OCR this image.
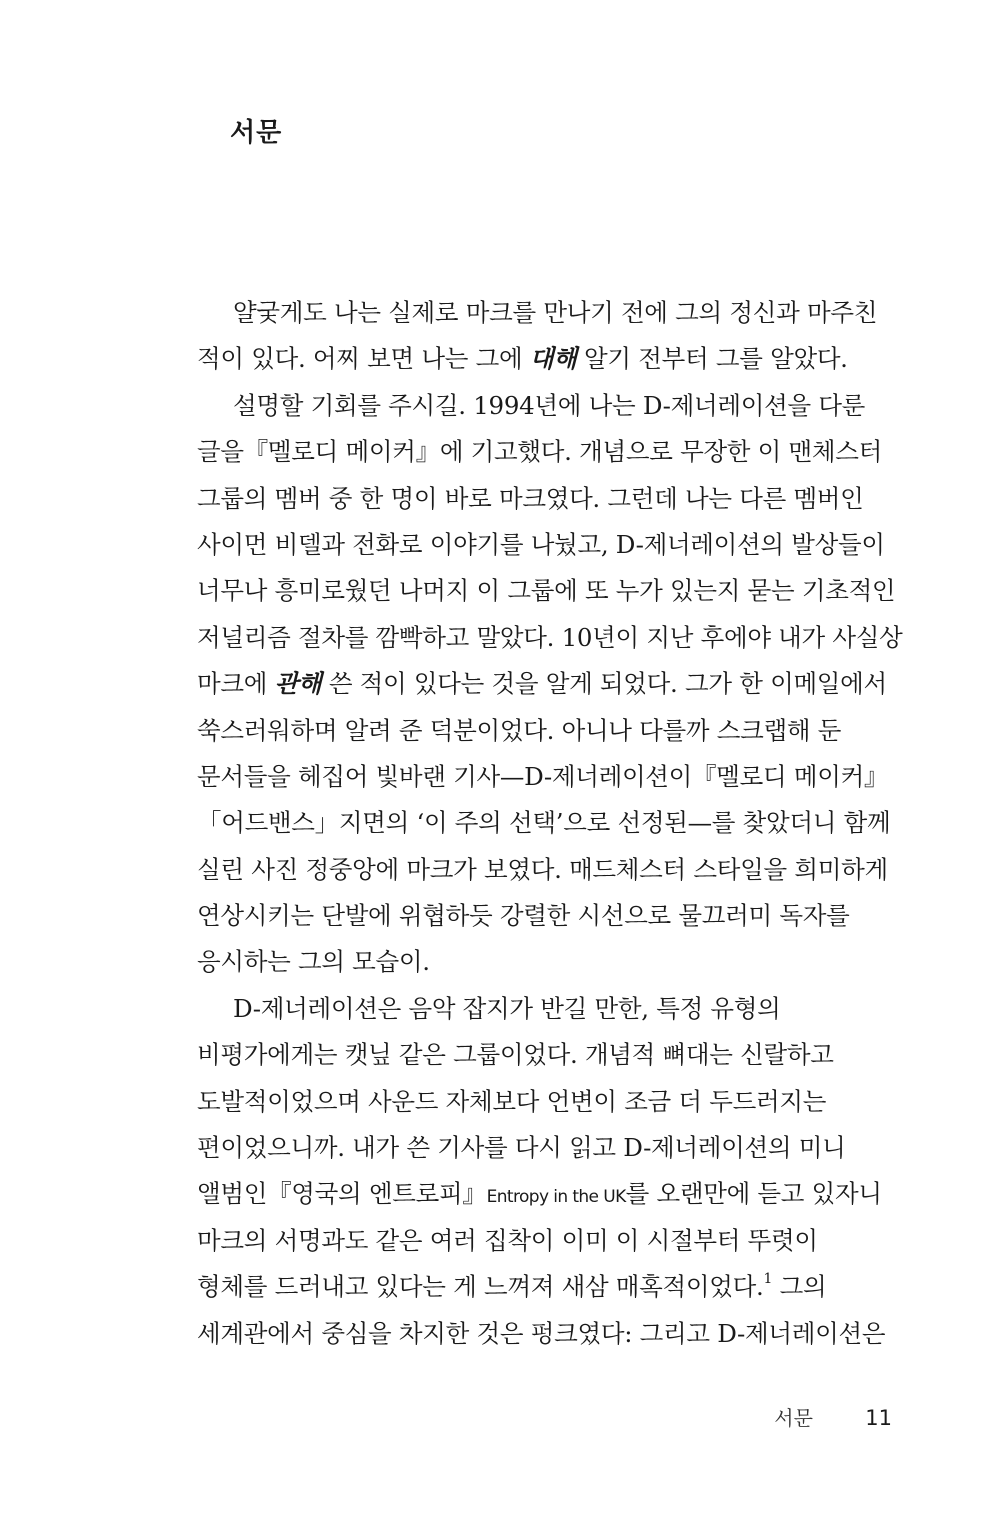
서문
얄궂게도 나는 실제로 마크를 만나기 전에 그의 정신과 마주친
적이 있다. 어찌 보면 나는 그에 대해 알기 전부터 그를 알았다.
설명할 기회를 주시길. 1994년에 나는 D-제너레이션을 다룬
글을『멜로디 메이커』에 기고했다. 개념으로 무장한 이 맨체스터
그룹의 멤버 중 한 명이 바로 마크였다. 그런데 나는 다른 멤버인
사이먼 비델과 전화로 이야기를 나눴고, D-제너레이션의 발상들이
너무나 흥미로웠던 나머지 이 그룹에 또 누가 있는지 묻는 기초적인
저널리즘 절차를 깜빡하고 말았다. 10년이 지난 후에야 내가 사실상
마크에 관해 쓴 적이 있다는 것을 알게 되었다. 그가 한 이메일에서
쑥스러워하며 알려 준 덕분이었다. 아니나 다를까 스크랩해 둔
문서들을 헤집어 빛바랜 기사—D-제너레이션이『멜로디 메이커』
「어드밴스」지면의 ‘이 주의 선택’으로 선정된—를 찾았더니 함께
실린 사진 정중앙에 마크가 보였다. 매드체스터 스타일을 희미하게
연상시키는 단발에 위협하듯 강렬한 시선으로 물끄러미 독자를
응시하는 그의 모습이.
D-제너레이션은 음악 잡지가 반길 만한, 특정 유형의
비평가에게는 캣닢 같은 그룹이었다. 개념적 뼈대는 신랄하고
도발적이었으며 사운드 자체보다 언변이 조금 더 두드러지는
편이었으니까. 내가 쓴 기사를 다시 읽고 D-제너레이션의 미니
앨범인『영국의 엔트로피』Entropy in the UK를 오랜만에 듣고 있자니
마크의 서명과도 같은 여러 집착이 이미 이 시절부터 뚜렷이
형체를 드러내고 있다는 게 느껴져 새삼 매혹적이었다.$^1$ 그의
세계관에서 중심을 차지한 것은 펑크였다: 그리고 D-제너레이션은
서문 11
